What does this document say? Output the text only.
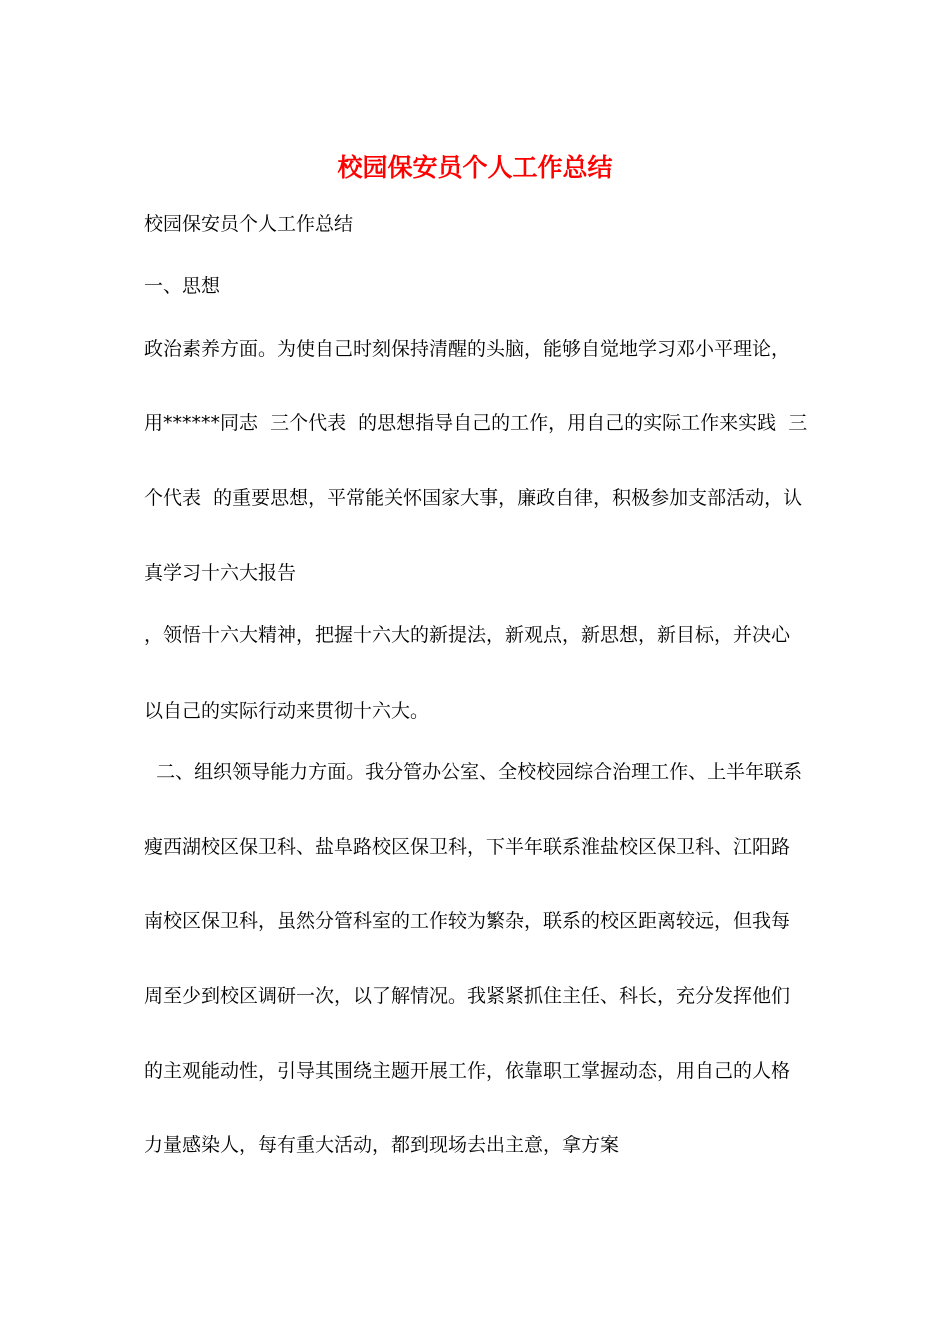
校园保安员个人工作总结

校园保安员个人工作总结

一、思想

政治素养方面。为使自己时刻保持清醒的头脑，能够自觉地学习邓小平理论，

用******同志  三个代表  的思想指导自己的工作，用自己的实际工作来实践  三

个代表  的重要思想，平常能关怀国家大事，廉政自律，积极参加支部活动，认

真学习十六大报告

，领悟十六大精神，把握十六大的新提法，新观点，新思想，新目标，并决心

以自己的实际行动来贯彻十六大。

二、组织领导能力方面。我分管办公室、全校校园综合治理工作、上半年联系

瘦西湖校区保卫科、盐阜路校区保卫科，下半年联系淮盐校区保卫科、江阳路

南校区保卫科，虽然分管科室的工作较为繁杂，联系的校区距离较远，但我每

周至少到校区调研一次，以了解情况。我紧紧抓住主任、科长，充分发挥他们

的主观能动性，引导其围绕主题开展工作，依靠职工掌握动态，用自己的人格

力量感染人，每有重大活动，都到现场去出主意，拿方案
